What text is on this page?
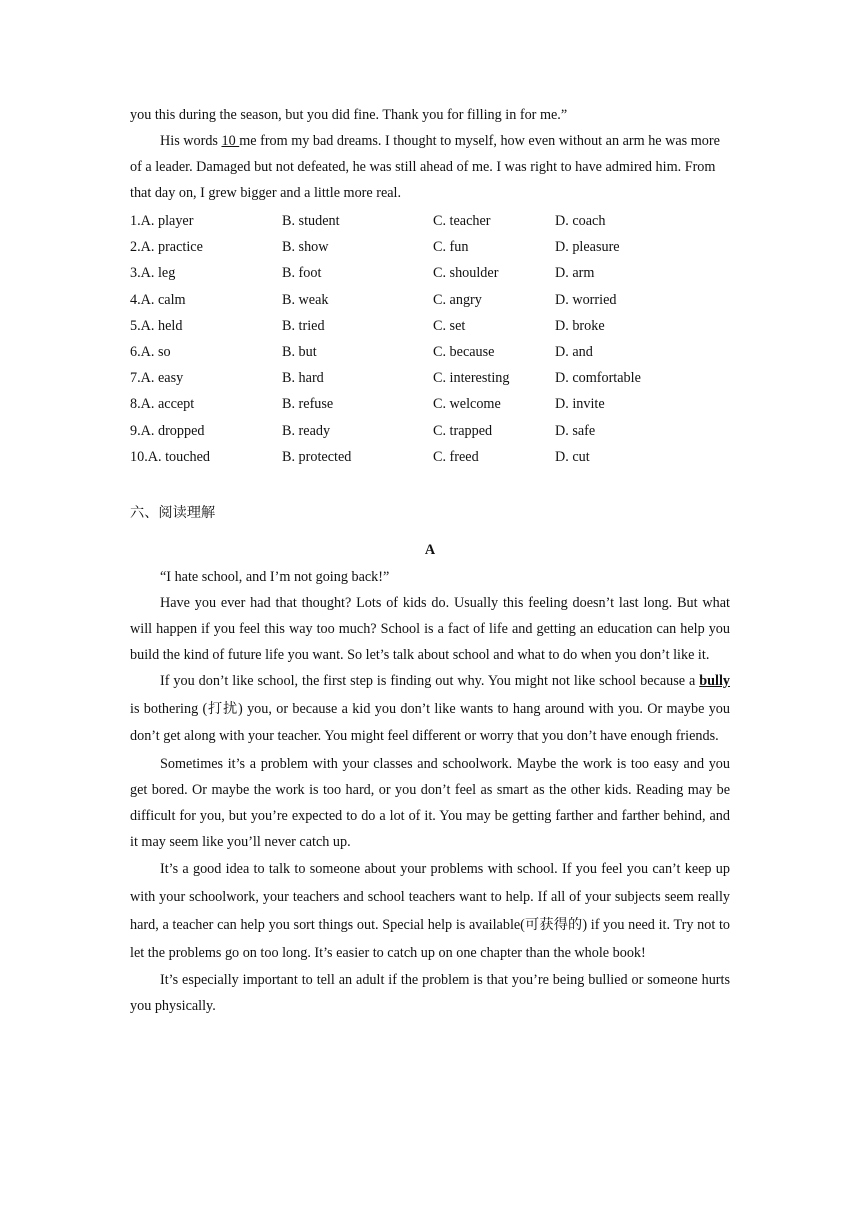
you this during the season, but you did fine. Thank you for filling in for me.”

His words 10 me from my bad dreams. I thought to myself, how even without an arm he was more of a leader. Damaged but not defeated, he was still ahead of me. I was right to have admired him. From that day on, I grew bigger and a little more real.

1.A. player	B. student	C. teacher	D. coach
2.A. practice	B. show	C. fun	D. pleasure
3.A. leg	B. foot	C. shoulder	D. arm
4.A. calm	B. weak	C. angry	D. worried
5.A. held	B. tried	C. set	D. broke
6.A. so	B. but	C. because	D. and
7.A. easy	B. hard	C. interesting	D. comfortable
8.A. accept	B. refuse	C. welcome	D. invite
9.A. dropped	B. ready	C. trapped	D. safe
10.A. touched	B. protected	C. freed	D. cut
六、阅读理解
A

“I hate school, and I’m not going back!”

Have you ever had that thought? Lots of kids do. Usually this feeling doesn’t last long. But what will happen if you feel this way too much? School is a fact of life and getting an education can help you build the kind of future life you want. So let’s talk about school and what to do when you don’t like it.

If you don’t like school, the first step is finding out why. You might not like school because a bully is bothering (打扰) you, or because a kid you don’t like wants to hang around with you. Or maybe you don’t get along with your teacher. You might feel different or worry that you don’t have enough friends.

Sometimes it’s a problem with your classes and schoolwork. Maybe the work is too easy and you get bored. Or maybe the work is too hard, or you don’t feel as smart as the other kids. Reading may be difficult for you, but you’re expected to do a lot of it. You may be getting farther and farther behind, and it may seem like you’ll never catch up.

It’s a good idea to talk to someone about your problems with school. If you feel you can’t keep up with your schoolwork, your teachers and school teachers want to help. If all of your subjects seem really hard, a teacher can help you sort things out. Special help is available(可获得的) if you need it. Try not to let the problems go on too long. It’s easier to catch up on one chapter than the whole book!

It’s especially important to tell an adult if the problem is that you’re being bullied or someone hurts you physically.
